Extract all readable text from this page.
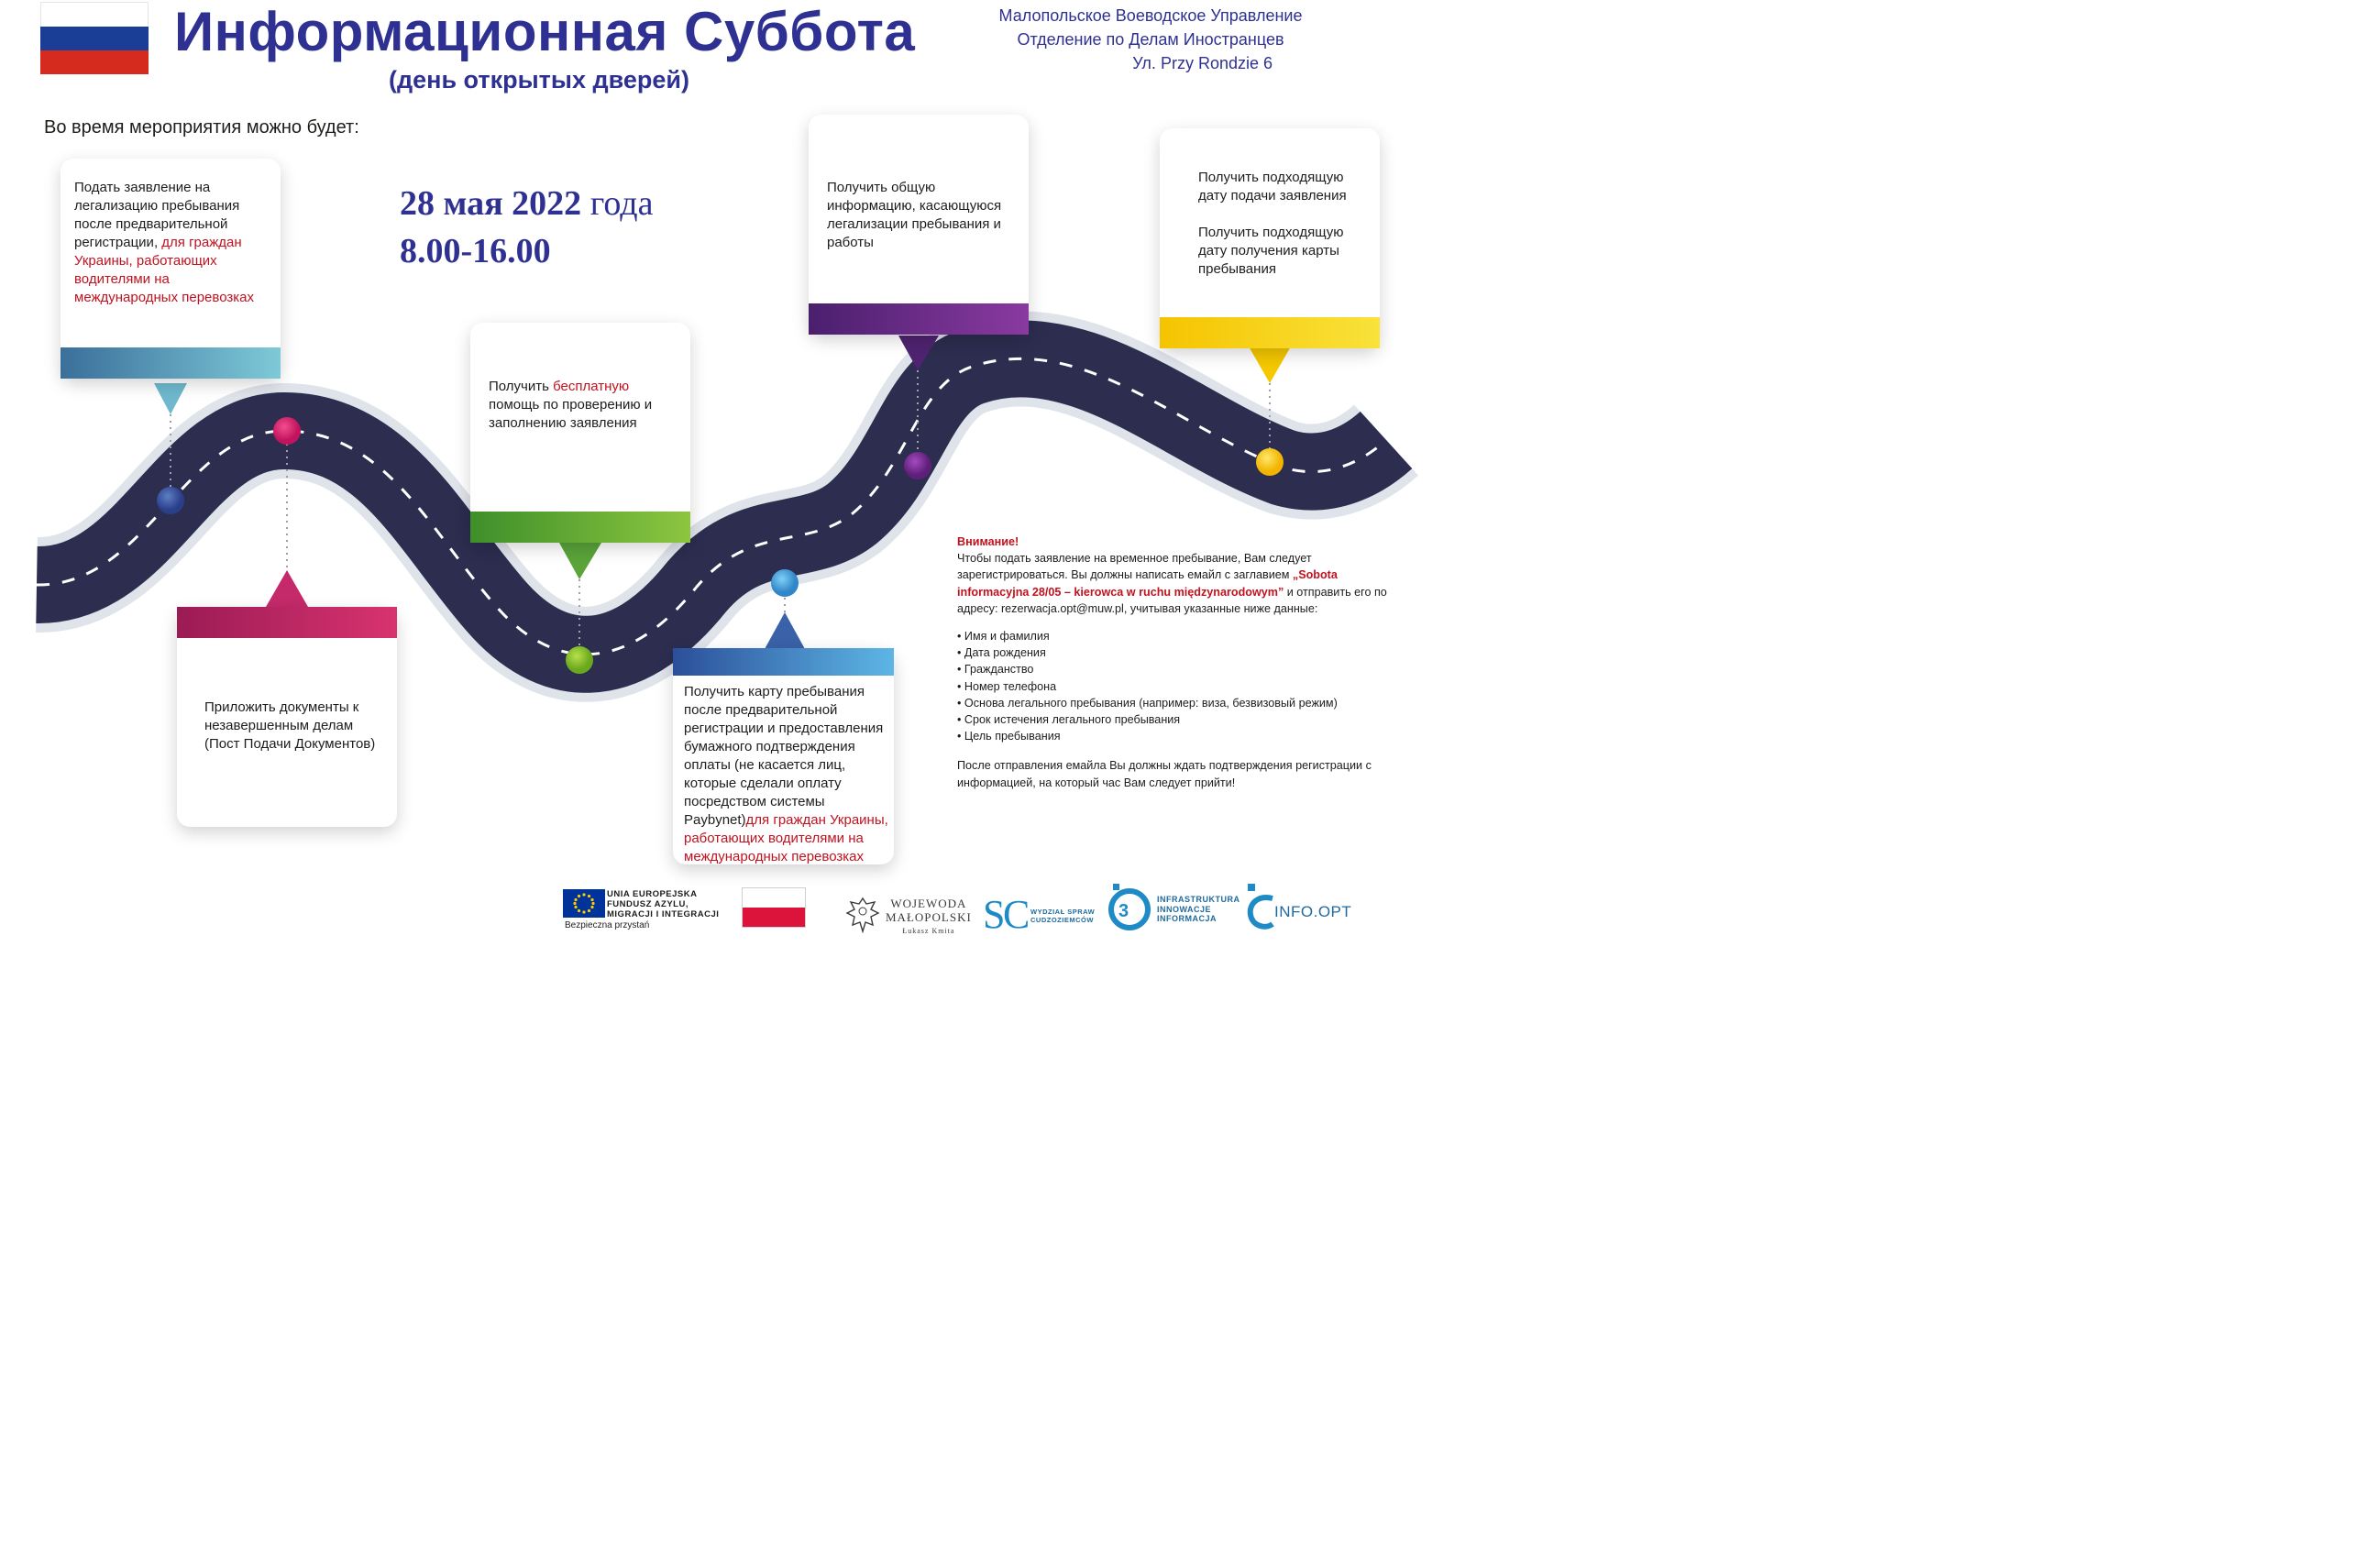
Информационная Суббота
(день открытых дверей)
Малопольское Воеводское Управление
Отделение по Делам Иностранцев
Ул. Przy Rondzie 6
Во время мероприятия можно будет:
28 мая 2022 года
8.00-16.00
Подать заявление на легализацию пребывания после предварительной регистрации, для граждан Украины, работающих водителями на международных перевозках
Приложить документы к незавершенным делам (Пост Подачи Документов)
Получить бесплатную помощь по проверению и заполнению заявления
Получить карту пребывания после предварительной регистрации и предоставления бумажного подтверждения оплаты (не касается лиц, которые сделали оплату посредством системы Paybynet)для граждан Украины, работающих водителями на международных перевозках
Получить общую информацию, касающуюся легализации пребывания и работы
Получить подходящую дату подачи заявления
Получить подходящую дату получения карты пребывания

Внимание!

Чтобы подать заявление на временное пребывание, Вам следует зарегистрироваться. Вы должны написать емайл с заглавием „Sobota informacyjna 28/05 – kierowca w ruchu międzynarodowym” и отправить его по адресу: rezerwacja.opt@muw.pl, учитывая указанные ниже данные:

• Имя и фамилия
• Дата рождения
• Гражданство
• Номер телефона
• Основа легального пребывания (например: виза, безвизовый режим)
• Срок истечения легального пребывания
• Цель пребывания

После отправления емайла Вы должны ждать подтверждения регистрации с информацией, на который час Вам следует прийти!

UNIA EUROPEJSKA
FUNDUSZ AZYLU,
MIGRACJI I INTEGRACJI
Bezpieczna przystań
WOJEWODA
MAŁOPOLSKI
Łukasz Kmita S
C WYDZIAŁ SPRAW
CUDZOZIEMCÓW 3
INFRASTRUKTURA
INNOWACJE
INFORMACJA	INFO.OPT
